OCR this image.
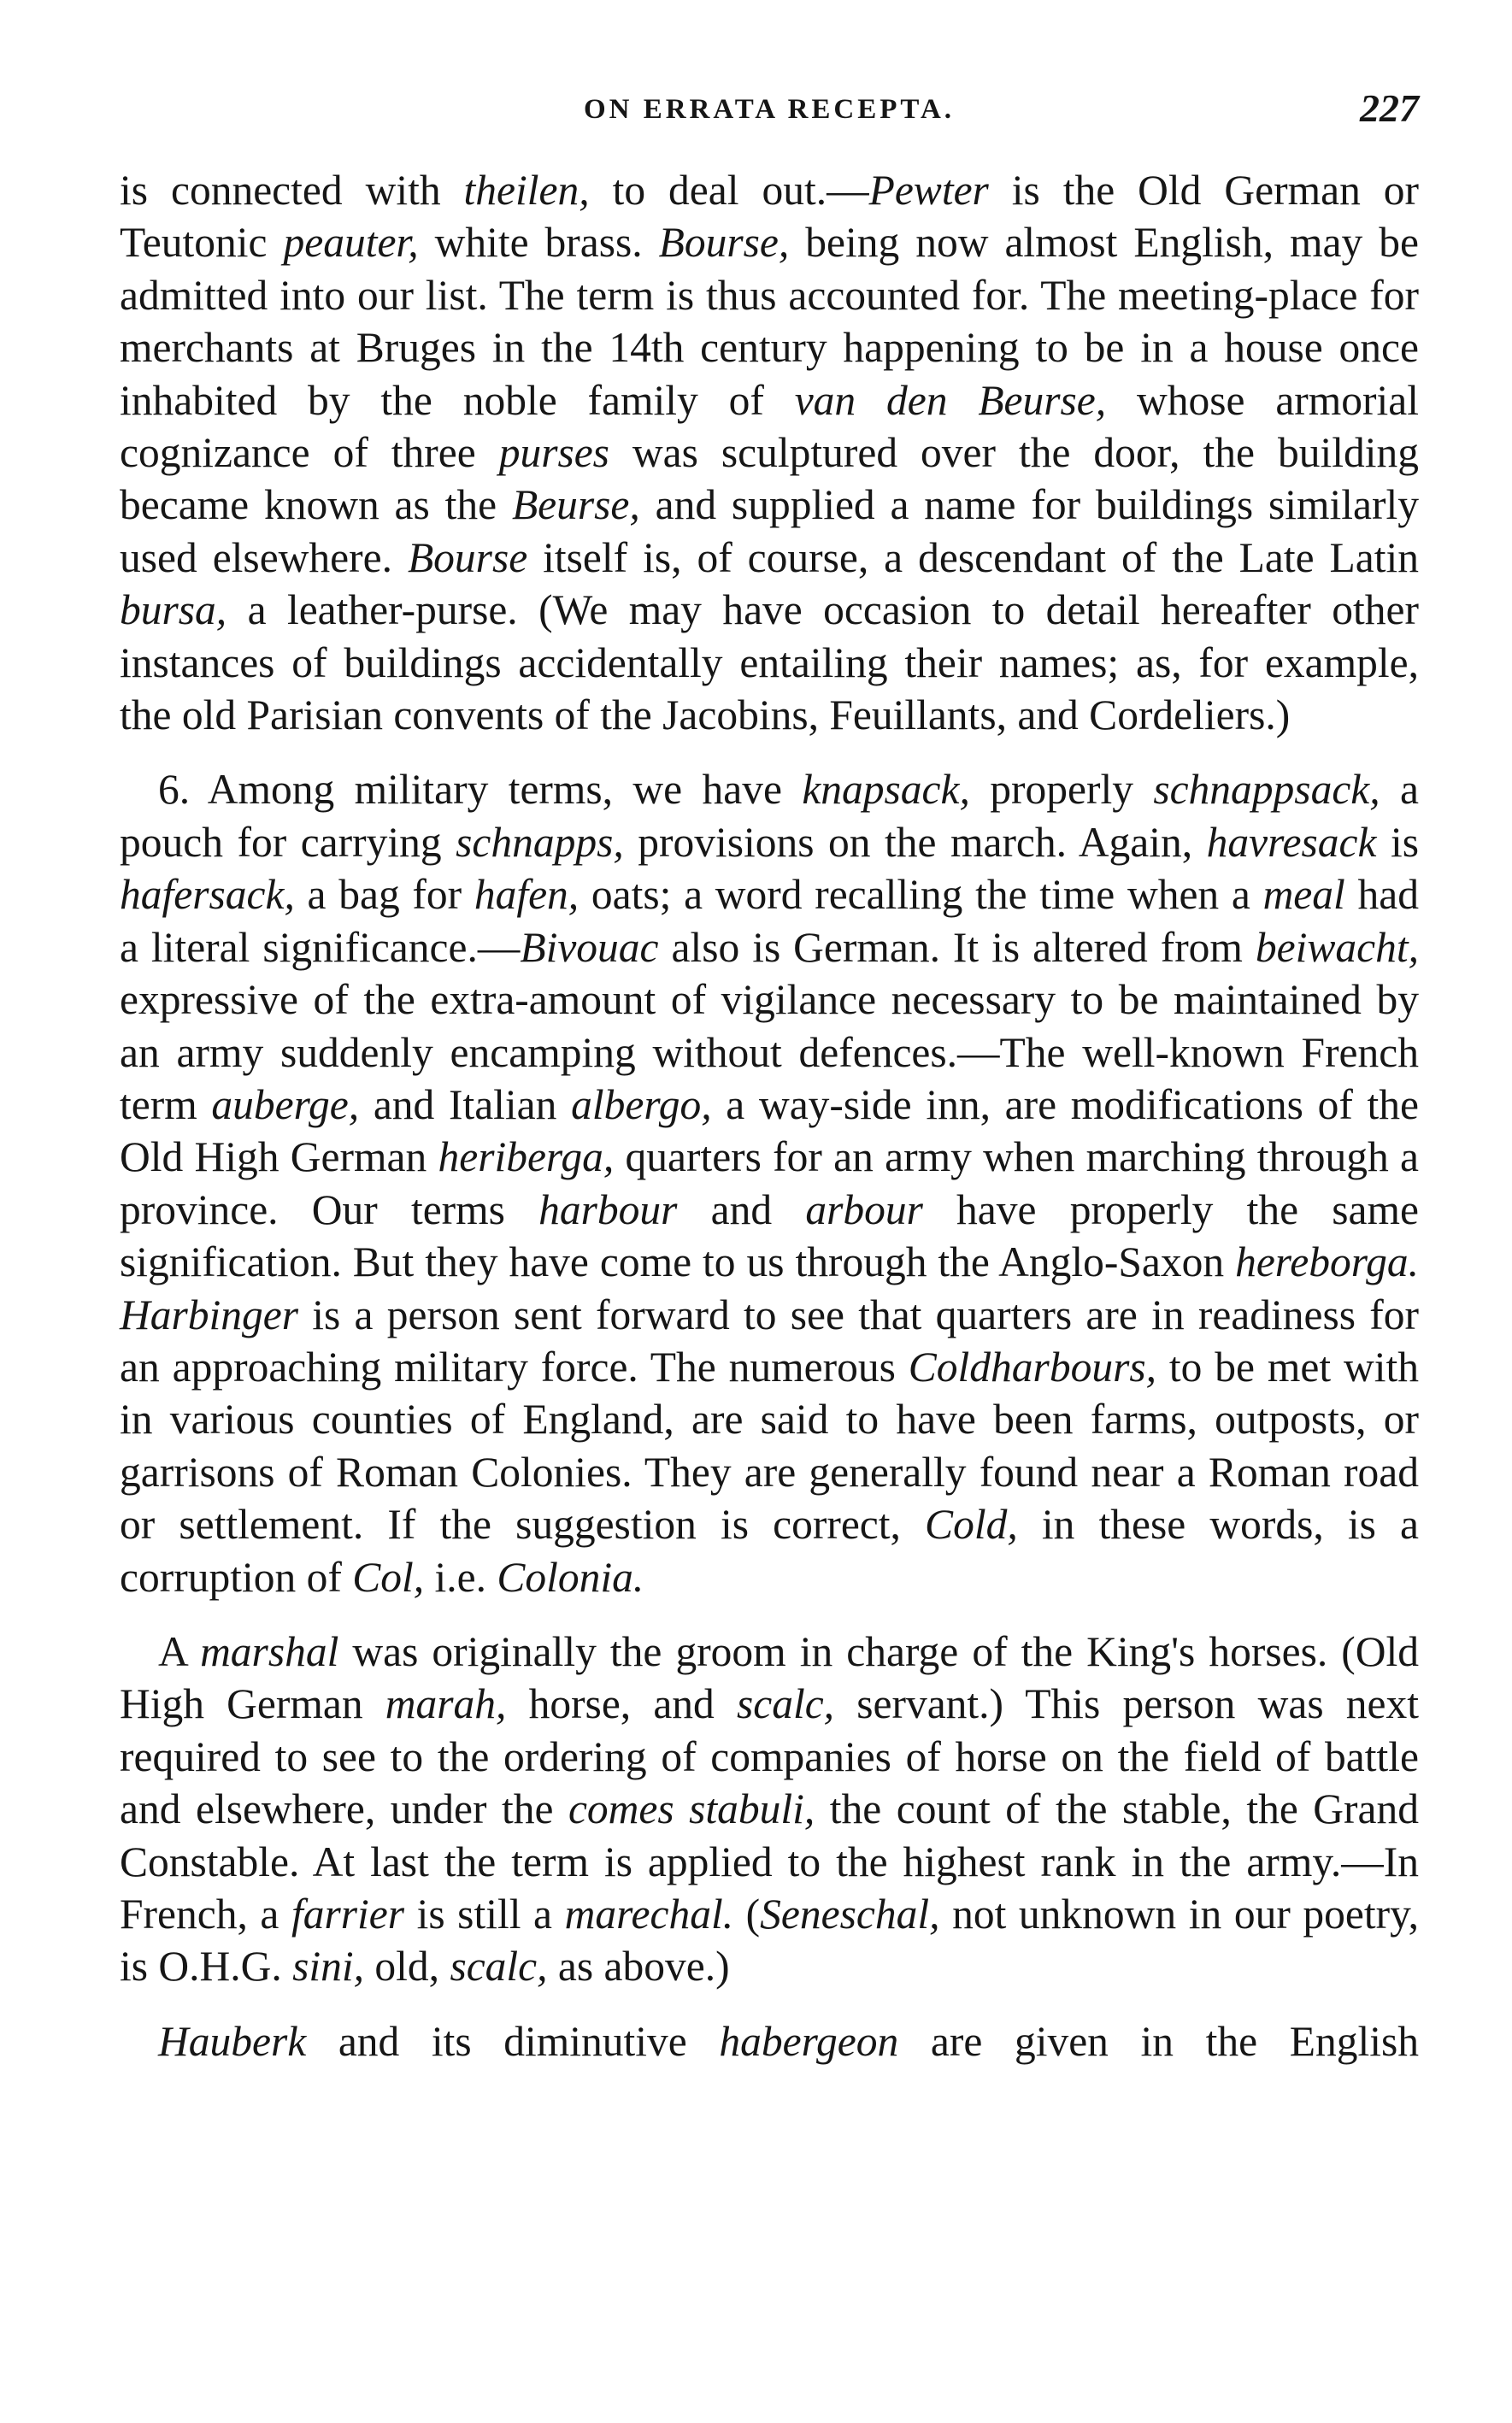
ON ERRATA RECEPTA.	227

is connected with theilen, to deal out.—Pewter is the Old German or Teutonic peauter, white brass. Bourse, being now almost English, may be admitted into our list. The term is thus accounted for. The meeting-place for merchants at Bruges in the 14th century happening to be in a house once inhabited by the noble family of van den Beurse, whose armorial cognizance of three purses was sculptured over the door, the building became known as the Beurse, and supplied a name for buildings similarly used elsewhere. Bourse itself is, of course, a descendant of the Late Latin bursa, a leather-purse. (We may have occasion to detail hereafter other instances of buildings accidentally entailing their names; as, for example, the old Parisian convents of the Jacobins, Feuillants, and Cordeliers.)

6. Among military terms, we have knapsack, properly schnappsack, a pouch for carrying schnapps, provisions on the march. Again, havresack is hafersack, a bag for hafen, oats; a word recalling the time when a meal had a literal significance.—Bivouac also is German. It is altered from beiwacht, expressive of the extra-amount of vigilance necessary to be maintained by an army suddenly encamping without defences.—The well-known French term auberge, and Italian albergo, a way-side inn, are modifications of the Old High German heriberga, quarters for an army when marching through a province. Our terms harbour and arbour have properly the same signification. But they have come to us through the Anglo-Saxon hereborga. Harbinger is a person sent forward to see that quarters are in readiness for an approaching military force. The numerous Coldharbours, to be met with in various counties of England, are said to have been farms, outposts, or garrisons of Roman Colonies. They are generally found near a Roman road or settlement. If the suggestion is correct, Cold, in these words, is a corruption of Col, i.e. Colonia.

A marshal was originally the groom in charge of the King's horses. (Old High German marah, horse, and scalc, servant.) This person was next required to see to the ordering of companies of horse on the field of battle and elsewhere, under the comes stabuli, the count of the stable, the Grand Constable. At last the term is applied to the highest rank in the army.—In French, a farrier is still a marechal. (Seneschal, not unknown in our poetry, is O.H.G. sini, old, scalc, as above.)

Hauberk and its diminutive habergeon are given in the English
